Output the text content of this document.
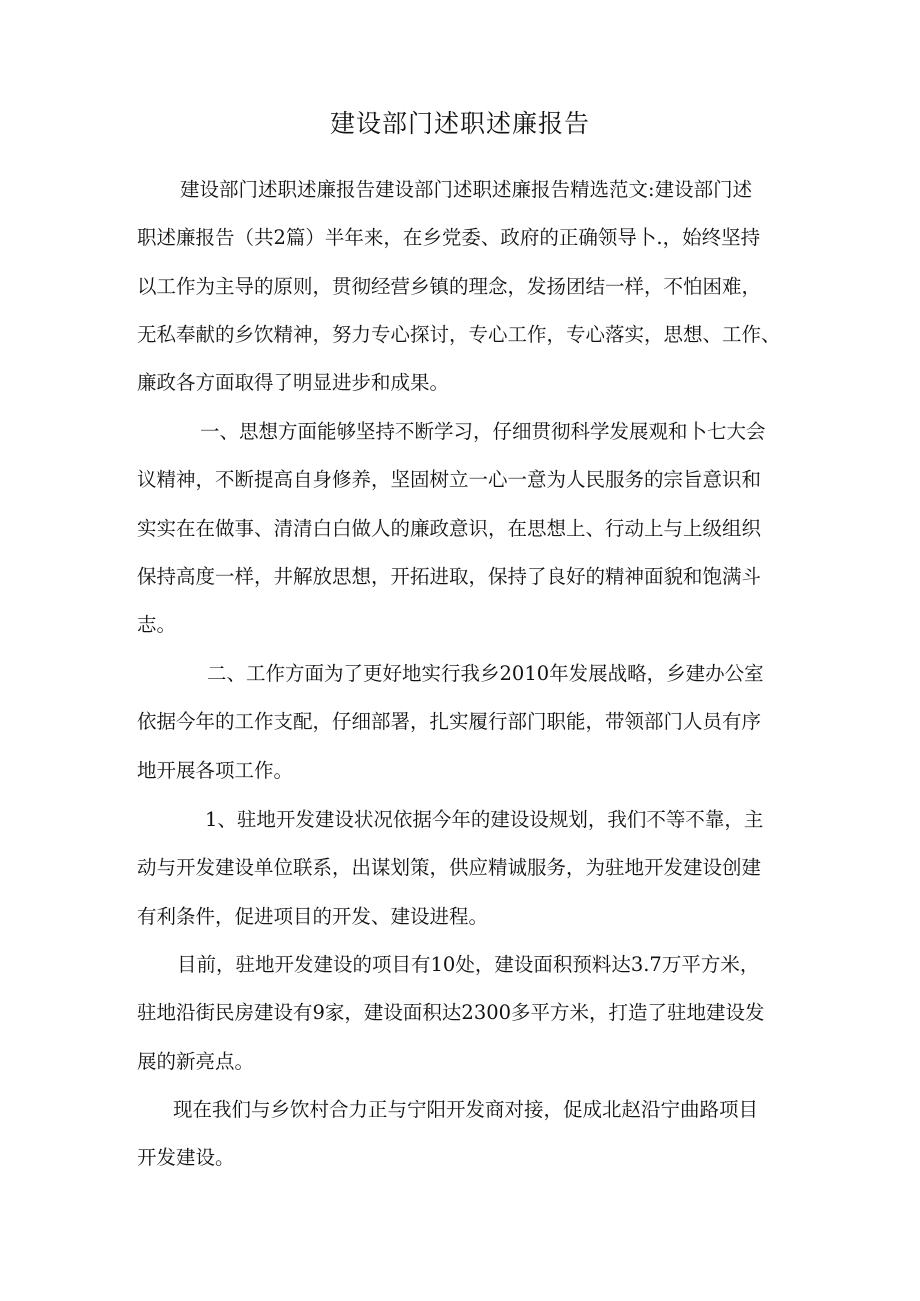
建设部门述职述廉报告
建设部门述职述廉报告建设部门述职述廉报告精选范文:建设部门述
职述廉报告（共2篇）半年来，在乡党委、政府的正确领导卜.，始终坚持
以工作为主导的原则，贯彻经营乡镇的理念，发扬团结一样，不怕困难，
无私奉献的乡饮精神，努力专心探讨，专心工作，专心落实，思想、工作、
廉政各方面取得了明显进步和成果。
一、思想方面能够坚持不断学习，仔细贯彻科学发展观和卜七大会
议精神，不断提高自身修养，坚固树立一心一意为人民服务的宗旨意识和
实实在在做事、清清白白做人的廉政意识，在思想上、行动上与上级组织
保持高度一样，井解放思想，开拓进取，保持了良好的精神面貌和饱满斗
志。
二、工作方面为了更好地实行我乡2010年发展战略，乡建办公室
依据今年的工作支配，仔细部署，扎实履行部门职能，带领部门人员有序
地开展各项工作。
1、驻地开发建设状况依据今年的建设设规划，我们不等不靠，主
动与开发建设单位联系，出谋划策，供应精诚服务，为驻地开发建设创建
有利条件，促进项目的开发、建设进程。
目前，驻地开发建设的项目有10处，建设面积预料达3.7万平方米，
驻地沿街民房建设有9家，建设面积达2300多平方米，打造了驻地建设发
展的新亮点。
现在我们与乡饮村合力正与宁阳开发商对接，促成北赵沿宁曲路项目
开发建设。
